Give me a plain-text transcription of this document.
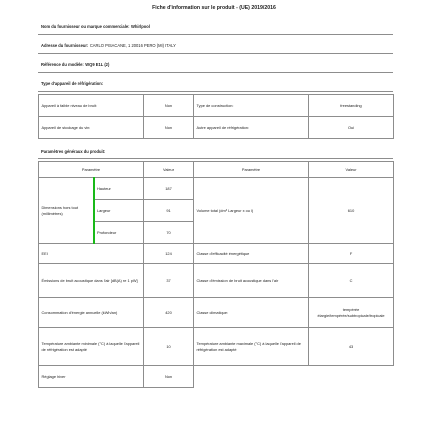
Fiche d'information sur le produit - (UE) 2019/2016
Nom du fournisseur ou marque commerciale: Whirlpool
Adresse du fournisseur: CARLO PISACANE, 1 20016 PERO (MI) ITALY
Référence du modèle: WQ9 E1L (2)
Type d'appareil de réfrigération:
Appareil à faible niveau de bruit:	Non	Type de construction:	freestanding
Appareil de stockage du vin:	Non	Autre appareil de réfrigération:	Oui
Paramètres généraux du produit:
Paramètre		Valeur	Paramètre	Valeur
Dimensions hors tout (millimètres)	Hauteur	187	Volume total (dm³ Largeur x ou l)	610
	Largeur	91		
	Profondeur	70		
EEI		124	Classe d'efficacité énergétique	F
Émissions de bruit acoustique dans l'air [dB(A) re 1 pW]		37	Classe d'émission de bruit acoustique dans l'air	C
Consommation d'énergie annuelle (kWh/an)		420	Classe climatique:	tempérée élargie/tempérée/subtropicale/tropicale
Température ambiante minimale (°C) à laquelle l'appareil de réfrigération est adapté		10	Température ambiante maximale (°C) à laquelle l'appareil de réfrigération est adapté	43
Réglage hiver		Non		
